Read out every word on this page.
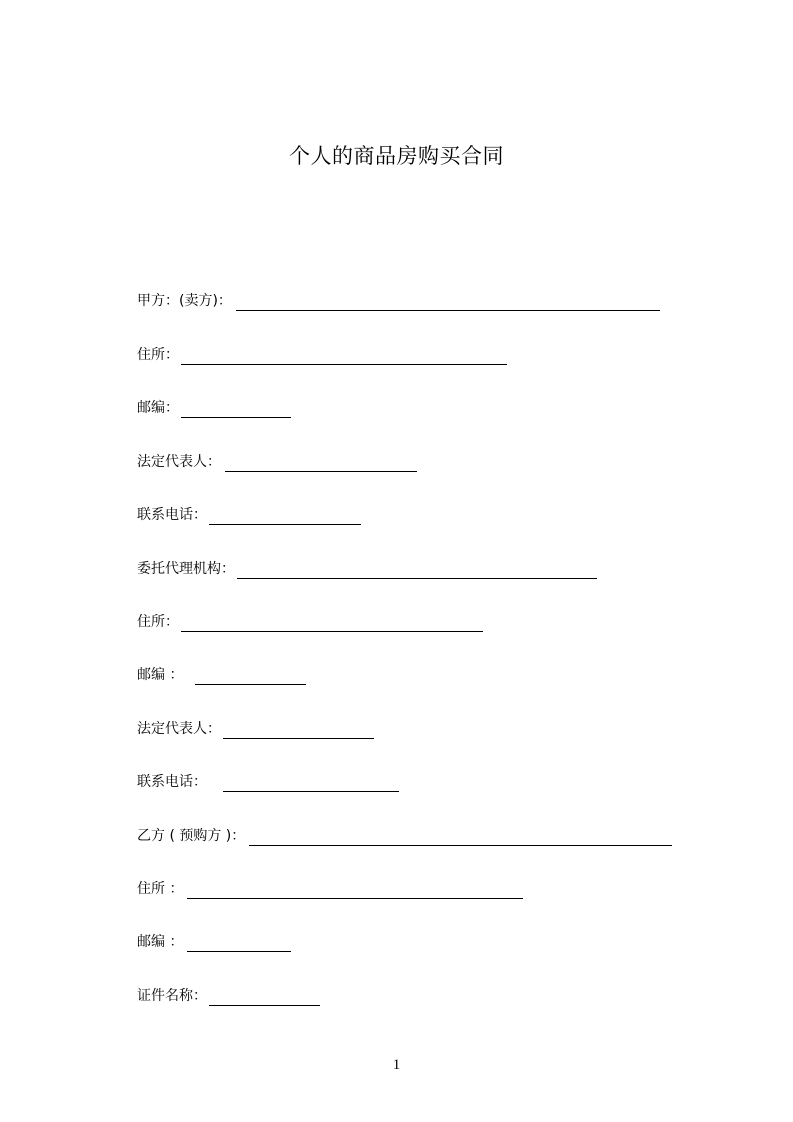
个人的商品房购买合同
甲方：(卖方)：
住所：
邮编：
法定代表人：
联系电话：
委托代理机构：
住所：
邮编 ：
法定代表人：
联系电话：
乙方 ( 预购方 )：
住所 ：
邮编 ：
证件名称：
1
